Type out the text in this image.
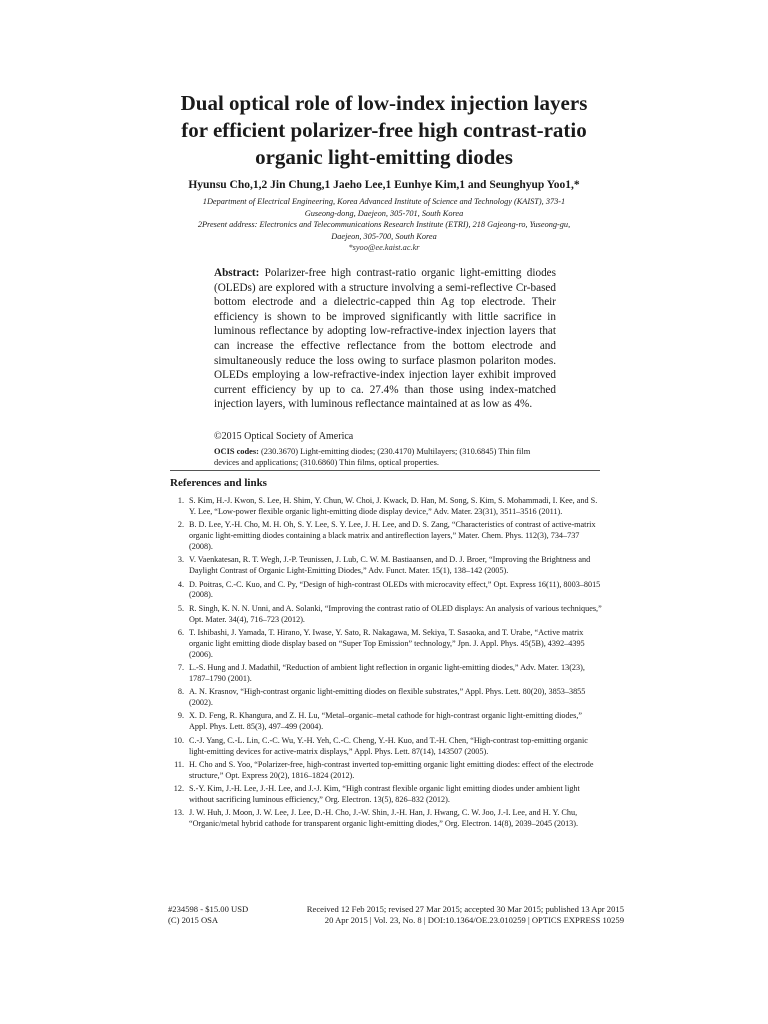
Dual optical role of low-index injection layers
for efficient polarizer-free high contrast-ratio
organic light-emitting diodes
Hyunsu Cho,1,2 Jin Chung,1 Jaeho Lee,1 Eunhye Kim,1 and Seunghyup Yoo1,*
1Department of Electrical Engineering, Korea Advanced Institute of Science and Technology (KAIST), 373-1
Guseong-dong, Daejeon, 305-701, South Korea
2Present address: Electronics and Telecommunications Research Institute (ETRI), 218 Gajeong-ro, Yuseong-gu,
Daejeon, 305-700, South Korea
*syoo@ee.kaist.ac.kr

Abstract: Polarizer-free high contrast-ratio organic light-emitting diodes (OLEDs) are explored with a structure involving a semi-reflective Cr-based bottom electrode and a dielectric-capped thin Ag top electrode. Their efficiency is shown to be improved significantly with little sacrifice in luminous reflectance by adopting low-refractive-index injection layers that can increase the effective reflectance from the bottom electrode and simultaneously reduce the loss owing to surface plasmon polariton modes. OLEDs employing a low-refractive-index injection layer exhibit improved current efficiency by up to ca. 27.4% than those using index-matched injection layers, with luminous reflectance maintained at as low as 4%.

©2015 Optical Society of America
OCIS codes: (230.3670) Light-emitting diodes; (230.4170) Multilayers; (310.6845) Thin film devices and applications; (310.6860) Thin films, optical properties.
References and links
1. S. Kim, H.-J. Kwon, S. Lee, H. Shim, Y. Chun, W. Choi, J. Kwack, D. Han, M. Song, S. Kim, S. Mohammadi, I. Kee, and S. Y. Lee, “Low-power flexible organic light-emitting diode display device,” Adv. Mater. 23(31), 3511–3516 (2011).
2. B. D. Lee, Y.-H. Cho, M. H. Oh, S. Y. Lee, S. Y. Lee, J. H. Lee, and D. S. Zang, “Characteristics of contrast of active-matrix organic light-emitting diodes containing a black matrix and antireflection layers,” Mater. Chem. Phys. 112(3), 734–737 (2008).
3. V. Vaenkatesan, R. T. Wegh, J.-P. Teunissen, J. Lub, C. W. M. Bastiaansen, and D. J. Broer, “Improving the Brightness and Daylight Contrast of Organic Light-Emitting Diodes,” Adv. Funct. Mater. 15(1), 138–142 (2005).
4. D. Poitras, C.-C. Kuo, and C. Py, “Design of high-contrast OLEDs with microcavity effect,” Opt. Express 16(11), 8003–8015 (2008).
5. R. Singh, K. N. N. Unni, and A. Solanki, “Improving the contrast ratio of OLED displays: An analysis of various techniques,” Opt. Mater. 34(4), 716–723 (2012).
6. T. Ishibashi, J. Yamada, T. Hirano, Y. Iwase, Y. Sato, R. Nakagawa, M. Sekiya, T. Sasaoka, and T. Urabe, “Active matrix organic light emitting diode display based on “Super Top Emission” technology,” Jpn. J. Appl. Phys. 45(5B), 4392–4395 (2006).
7. L.-S. Hung and J. Madathil, “Reduction of ambient light reflection in organic light-emitting diodes,” Adv. Mater. 13(23), 1787–1790 (2001).
8. A. N. Krasnov, “High-contrast organic light-emitting diodes on flexible substrates,” Appl. Phys. Lett. 80(20), 3853–3855 (2002).
9. X. D. Feng, R. Khangura, and Z. H. Lu, “Metal–organic–metal cathode for high-contrast organic light-emitting diodes,” Appl. Phys. Lett. 85(3), 497–499 (2004).
10. C.-J. Yang, C.-L. Lin, C.-C. Wu, Y.-H. Yeh, C.-C. Cheng, Y.-H. Kuo, and T.-H. Chen, “High-contrast top-emitting organic light-emitting devices for active-matrix displays,” Appl. Phys. Lett. 87(14), 143507 (2005).
11. H. Cho and S. Yoo, “Polarizer-free, high-contrast inverted top-emitting organic light emitting diodes: effect of the electrode structure,” Opt. Express 20(2), 1816–1824 (2012).
12. S.-Y. Kim, J.-H. Lee, J.-H. Lee, and J.-J. Kim, “High contrast flexible organic light emitting diodes under ambient light without sacrificing luminous efficiency,” Org. Electron. 13(5), 826–832 (2012).
13. J. W. Huh, J. Moon, J. W. Lee, J. Lee, D.-H. Cho, J.-W. Shin, J.-H. Han, J. Hwang, C. W. Joo, J.-I. Lee, and H. Y. Chu, “Organic/metal hybrid cathode for transparent organic light-emitting diodes,” Org. Electron. 14(8), 2039–2045 (2013).
#234598 - $15.00 USD	Received 12 Feb 2015; revised 27 Mar 2015; accepted 30 Mar 2015; published 13 Apr 2015
(C) 2015 OSA	20 Apr 2015 | Vol. 23, No. 8 | DOI:10.1364/OE.23.010259 | OPTICS EXPRESS 10259
